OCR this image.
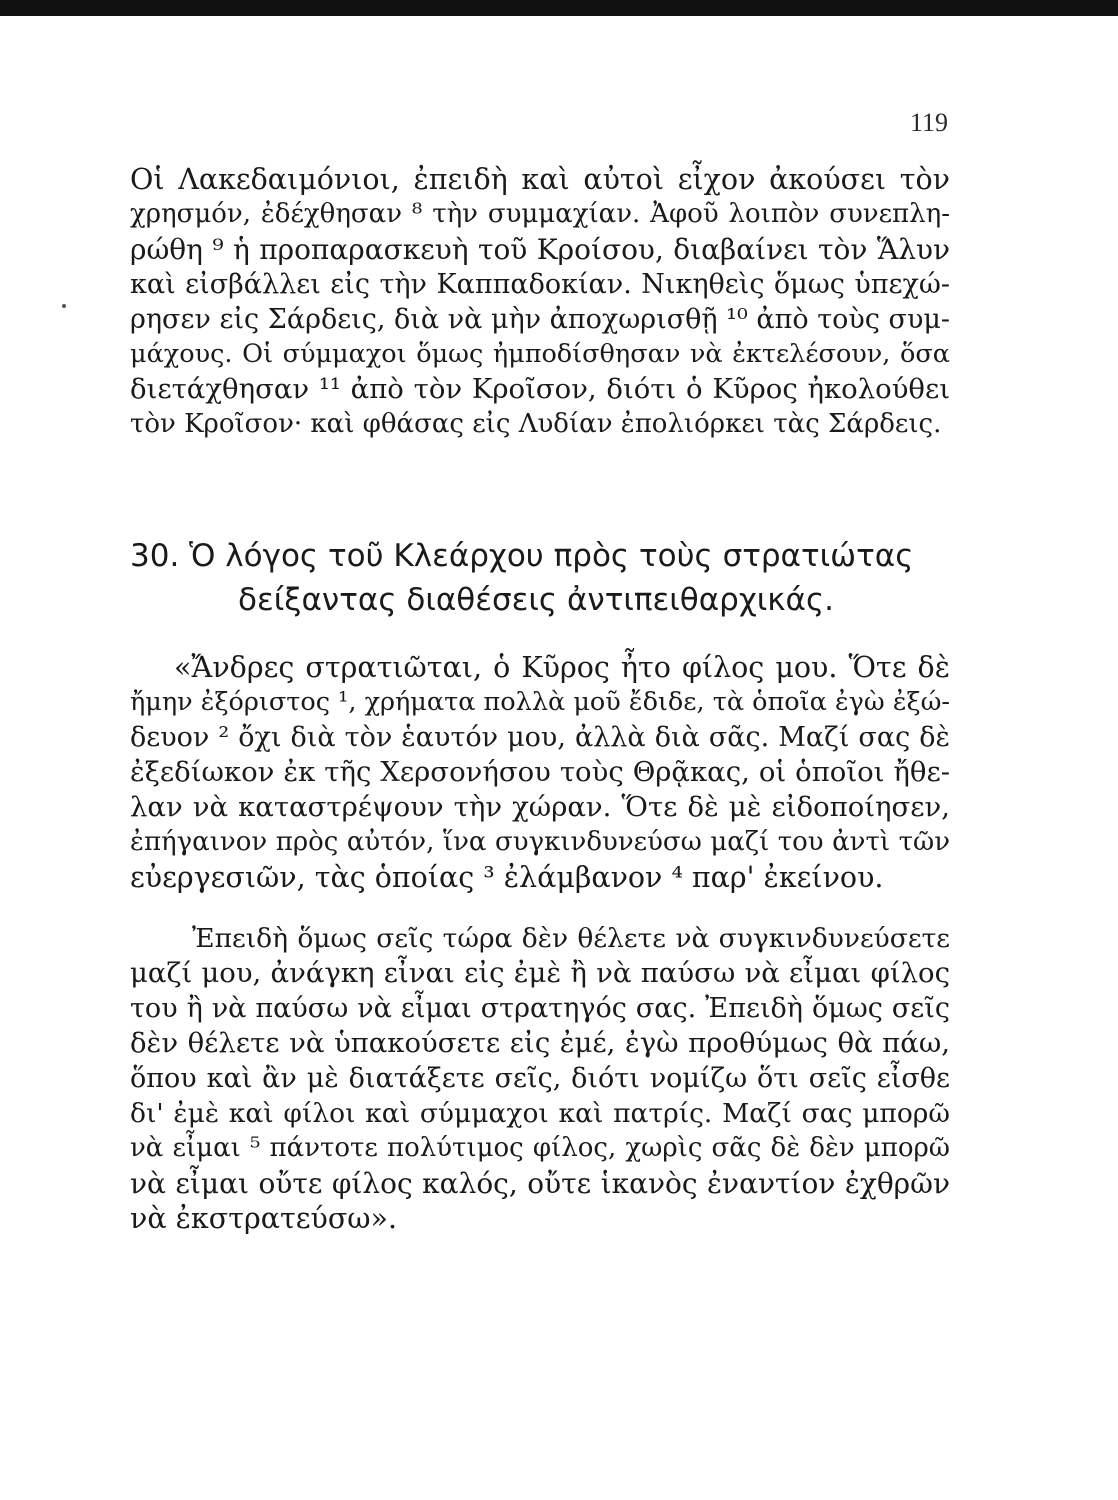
119
Οἱ Λακεδαιμόνιοι, ἐπειδὴ καὶ αὐτοὶ εἶχον ἀκούσει τὸν
χρησμόν, ἐδέχθησαν ⁸ τὴν συμμαχίαν. Ἀφοῦ λοιπὸν συνεπλη-
ρώθη ⁹ ἡ προπαρασκευὴ τοῦ Κροίσου, διαβαίνει τὸν Ἅλυν
καὶ εἰσβάλλει εἰς τὴν Καππαδοκίαν. Νικηθεὶς ὅμως ὑπεχώ-
ρησεν εἰς Σάρδεις, διὰ νὰ μὴν ἀποχωρισθῇ ¹⁰ ἀπὸ τοὺς συμ-
μάχους. Οἱ σύμμαχοι ὅμως ἠμποδίσθησαν νὰ ἐκτελέσουν, ὅσα
διετάχθησαν ¹¹ ἀπὸ τὸν Κροῖσον, διότι ὁ Κῦρος ἠκολούθει
τὸν Κροῖσον· καὶ φθάσας εἰς Λυδίαν ἐπολιόρκει τὰς Σάρδεις.
30. Ὁ λόγος τοῦ Κλεάρχου πρὸς τοὺς στρατιώτας
δείξαντας διαθέσεις ἀντιπειθαρχικάς.
«Ἄνδρες στρατιῶται, ὁ Κῦρος ἦτο φίλος μου. Ὅτε δὲ
ἤμην ἐξόριστος ¹, χρήματα πολλὰ μοῦ ἔδιδε, τὰ ὁποῖα ἐγὼ ἐξώ-
δευον ² ὄχι διὰ τὸν ἑαυτόν μου, ἀλλὰ διὰ σᾶς. Μαζί σας δὲ
ἐξεδίωκον ἐκ τῆς Χερσονήσου τοὺς Θρᾷκας, οἱ ὁποῖοι ἤθε-
λαν νὰ καταστρέψουν τὴν χώραν. Ὅτε δὲ μὲ εἰδοποίησεν,
ἐπήγαινον πρὸς αὐτόν, ἵνα συγκινδυνεύσω μαζί του ἀντὶ τῶν
εὐεργεσιῶν, τὰς ὁποίας ³ ἐλάμβανον ⁴ παρ' ἐκείνου.
Ἐπειδὴ ὅμως σεῖς τώρα δὲν θέλετε νὰ συγκινδυνεύσετε
μαζί μου, ἀνάγκη εἶναι εἰς ἐμὲ ἢ νὰ παύσω νὰ εἶμαι φίλος
του ἢ νὰ παύσω νὰ εἶμαι στρατηγός σας. Ἐπειδὴ ὅμως σεῖς
δὲν θέλετε νὰ ὑπακούσετε εἰς ἐμέ, ἐγὼ προθύμως θὰ πάω,
ὅπου καὶ ἂν μὲ διατάξετε σεῖς, διότι νομίζω ὅτι σεῖς εἶσθε
δι' ἐμὲ καὶ φίλοι καὶ σύμμαχοι καὶ πατρίς. Μαζί σας μπορῶ
νὰ εἶμαι ⁵ πάντοτε πολύτιμος φίλος, χωρὶς σᾶς δὲ δὲν μπορῶ
νὰ εἶμαι οὔτε φίλος καλός, οὔτε ἱκανὸς ἐναντίον ἐχθρῶν
νὰ ἐκστρατεύσω».
